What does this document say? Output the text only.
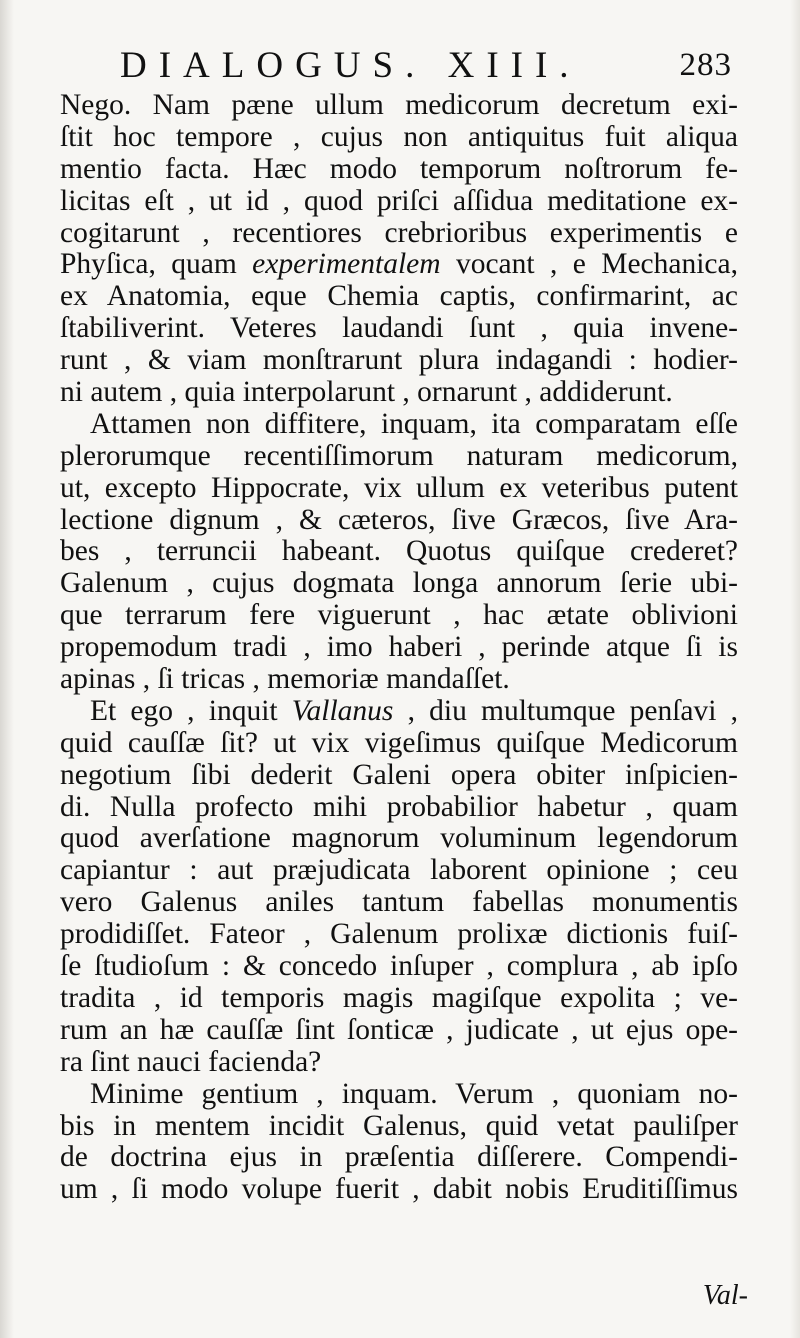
DIALOGUS. XIII.	283
Nego. Nam pæne ullum medicorum decretum exi-
ſtit hoc tempore , cujus non antiquitus fuit aliqua
mentio facta. Hæc modo temporum noſtrorum fe-
licitas eſt , ut id , quod priſci aſſidua meditatione ex-
cogitarunt , recentiores crebrioribus experimentis e
Phyſica, quam experimentalem vocant , e Mechanica,
ex Anatomia, eque Chemia captis, confirmarint, ac
ſtabiliverint. Veteres laudandi ſunt , quia invene-
runt , & viam monſtrarunt plura indagandi : hodier-
ni autem , quia interpolarunt , ornarunt , addiderunt.
Attamen non diffitere, inquam, ita comparatam eſſe
plerorumque recentiſſimorum naturam medicorum,
ut, excepto Hippocrate, vix ullum ex veteribus putent
lectione dignum , & cæteros, ſive Græcos, ſive Ara-
bes , terruncii habeant. Quotus quiſque crederet?
Galenum , cujus dogmata longa annorum ſerie ubi-
que terrarum fere viguerunt , hac ætate oblivioni
propemodum tradi , imo haberi , perinde atque ſi is
apinas , ſi tricas , memoriæ mandaſſet.
Et ego , inquit Vallanus , diu multumque penſavi ,
quid cauſſæ ſit? ut vix vigeſimus quiſque Medicorum
negotium ſibi dederit Galeni opera obiter inſpicien-
di. Nulla profecto mihi probabilior habetur , quam
quod averſatione magnorum voluminum legendorum
capiantur : aut præjudicata laborent opinione ; ceu
vero Galenus aniles tantum fabellas monumentis
prodidiſſet. Fateor , Galenum prolixæ dictionis fuiſ-
ſe ſtudioſum : & concedo inſuper , complura , ab ipſo
tradita , id temporis magis magiſque expolita ; ve-
rum an hæ cauſſæ ſint ſonticæ , judicate , ut ejus ope-
ra ſint nauci facienda?
Minime gentium , inquam. Verum , quoniam no-
bis in mentem incidit Galenus, quid vetat pauliſper
de doctrina ejus in præſentia diſſerere. Compendi-
um , ſi modo volupe fuerit , dabit nobis Eruditiſſimus
Val-
